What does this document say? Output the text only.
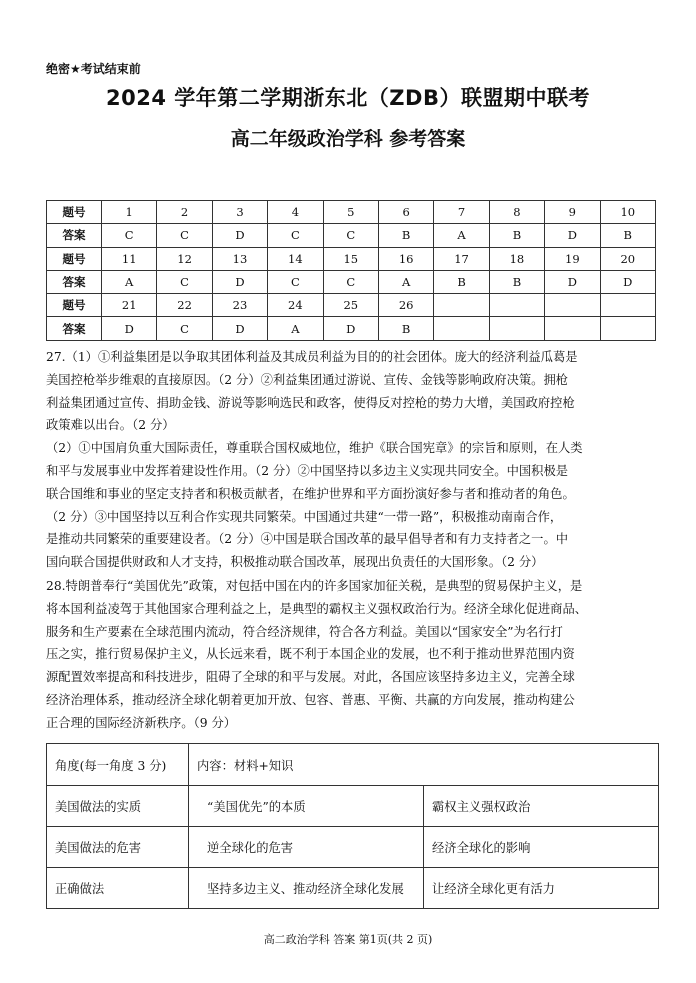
绝密★考试结束前
2024 学年第二学期浙东北（ZDB）联盟期中联考
高二年级政治学科 参考答案
题号	1	2	3	4	5	6	7	8	9	10
答案	C	C	D	C	C	B	A	B	D	B
题号	11	12	13	14	15	16	17	18	19	20
答案	A	C	D	C	C	A	B	B	D	D
题号	21	22	23	24	25	26				
答案	D	C	D	A	D	B				
27.（1）①利益集团是以争取其团体利益及其成员利益为目的的社会团体。庞大的经济利益瓜葛是
美国控枪举步维艰的直接原因。（2 分）②利益集团通过游说、宣传、金钱等影响政府决策。拥枪
利益集团通过宣传、捐助金钱、游说等影响选民和政客，使得反对控枪的势力大增，美国政府控枪
政策难以出台。（2 分）
（2）①中国肩负重大国际责任，尊重联合国权威地位，维护《联合国宪章》的宗旨和原则，在人类
和平与发展事业中发挥着建设性作用。（2 分）②中国坚持以多边主义实现共同安全。中国积极是
联合国维和事业的坚定支持者和积极贡献者，在维护世界和平方面扮演好参与者和推动者的角色。
（2 分）③中国坚持以互利合作实现共同繁荣。中国通过共建“一带一路”，积极推动南南合作，
是推动共同繁荣的重要建设者。（2 分）④中国是联合国改革的最早倡导者和有力支持者之一。中
国向联合国提供财政和人才支持，积极推动联合国改革，展现出负责任的大国形象。（2 分）
28.特朗普奉行“美国优先”政策，对包括中国在内的许多国家加征关税，是典型的贸易保护主义，是
将本国利益凌驾于其他国家合理利益之上，是典型的霸权主义强权政治行为。经济全球化促进商品、
服务和生产要素在全球范围内流动，符合经济规律，符合各方利益。美国以“国家安全”为名行打
压之实，推行贸易保护主义，从长远来看，既不利于本国企业的发展，也不利于推动世界范围内资
源配置效率提高和科技进步，阻碍了全球的和平与发展。对此，各国应该坚持多边主义，完善全球
经济治理体系，推动经济全球化朝着更加开放、包容、普惠、平衡、共赢的方向发展，推动构建公
正合理的国际经济新秩序。（9 分）
角度(每一角度 3 分)	内容：材料+知识	
美国做法的实质	“美国优先”的本质	霸权主义强权政治
美国做法的危害	逆全球化的危害	经济全球化的影响
正确做法	坚持多边主义、推动经济全球化发展	让经济全球化更有活力
高二政治学科 答案 第1页(共 2 页)
